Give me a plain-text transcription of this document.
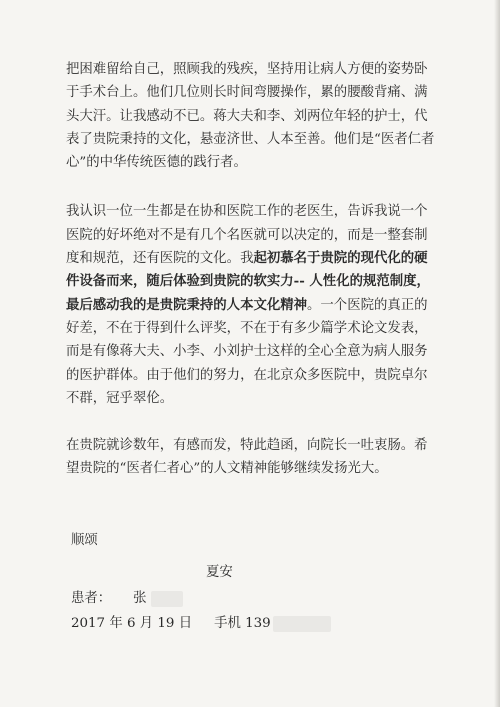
把困难留给自己，照顾我的残疾，坚持用让病人方便的姿势卧于手术台上。他们几位则长时间弯腰操作，累的腰酸背痛、满头大汗。让我感动不已。蒋大夫和李、刘两位年轻的护士，代表了贵院秉持的文化，悬壶济世、人本至善。他们是“医者仁者心”的中华传统医德的践行者。

我认识一位一生都是在协和医院工作的老医生，告诉我说一个医院的好坏绝对不是有几个名医就可以决定的，而是一整套制度和规范，还有医院的文化。我起初慕名于贵院的现代化的硬件设备而来，随后体验到贵院的软实力-- 人性化的规范制度，最后感动我的是贵院秉持的人本文化精神。一个医院的真正的好差，不在于得到什么评奖，不在于有多少篇学术论文发表，而是有像蒋大夫、小李、小刘护士这样的全心全意为病人服务的医护群体。由于他们的努力，在北京众多医院中，贵院卓尔不群，冠乎翠伦。

在贵院就诊数年，有感而发，特此趋函，向院长一吐衷肠。希望贵院的“医者仁者心”的人文精神能够继续发扬光大。

顺颂
夏安
患者： 张
2017 年 6 月 19 日 手机 139
